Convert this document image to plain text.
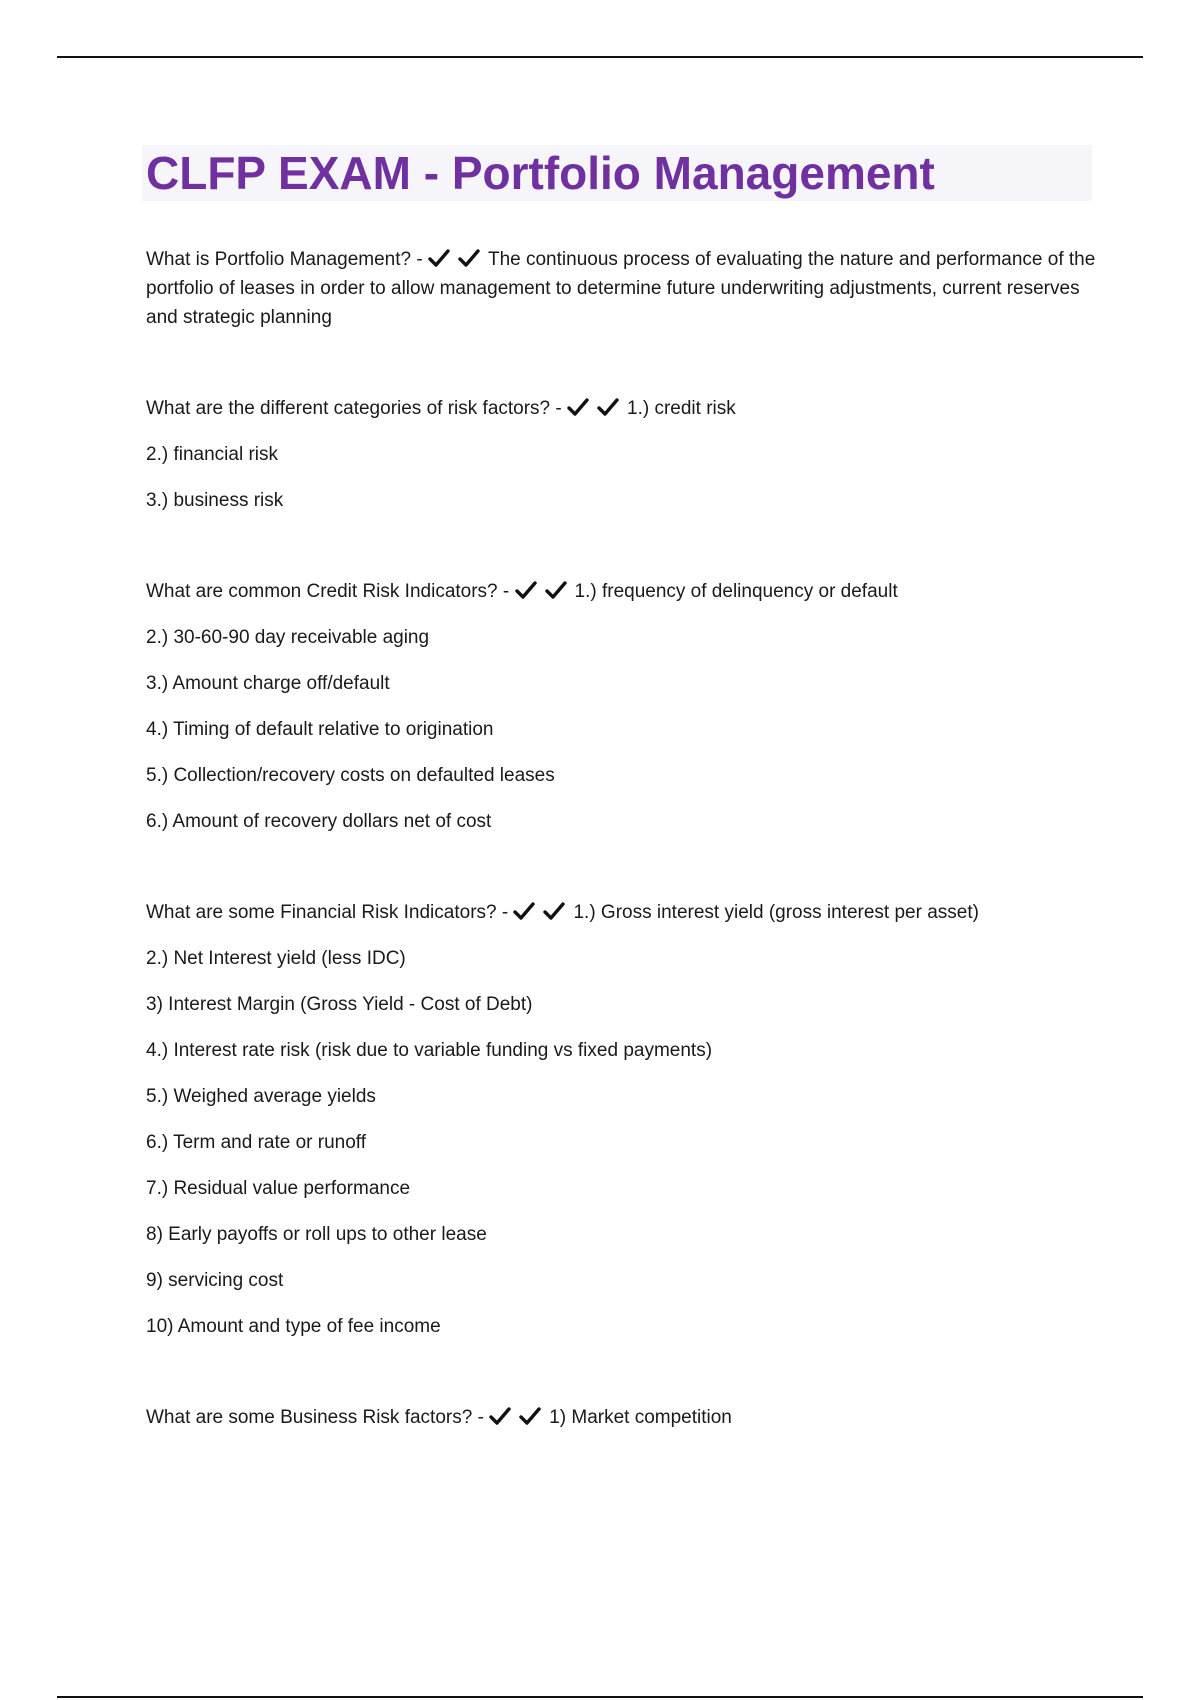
CLFP EXAM - Portfolio Management

What is Portfolio Management? -	The continuous process of evaluating the nature and performance of the portfolio of leases in order to allow management to determine future underwriting adjustments, current reserves and strategic planning

What are the different categories of risk factors? -	1.) credit risk

2.) financial risk

3.) business risk

What are common Credit Risk Indicators? -	1.) frequency of delinquency or default

2.) 30-60-90 day receivable aging

3.) Amount charge off/default

4.) Timing of default relative to origination

5.) Collection/recovery costs on defaulted leases

6.) Amount of recovery dollars net of cost

What are some Financial Risk Indicators? -	1.) Gross interest yield (gross interest per asset)

2.) Net Interest yield (less IDC)

3) Interest Margin (Gross Yield - Cost of Debt)

4.) Interest rate risk (risk due to variable funding vs fixed payments)

5.) Weighed average yields

6.) Term and rate or runoff

7.) Residual value performance

8) Early payoffs or roll ups to other lease

9) servicing cost

10) Amount and type of fee income

What are some Business Risk factors? -	1) Market competition
